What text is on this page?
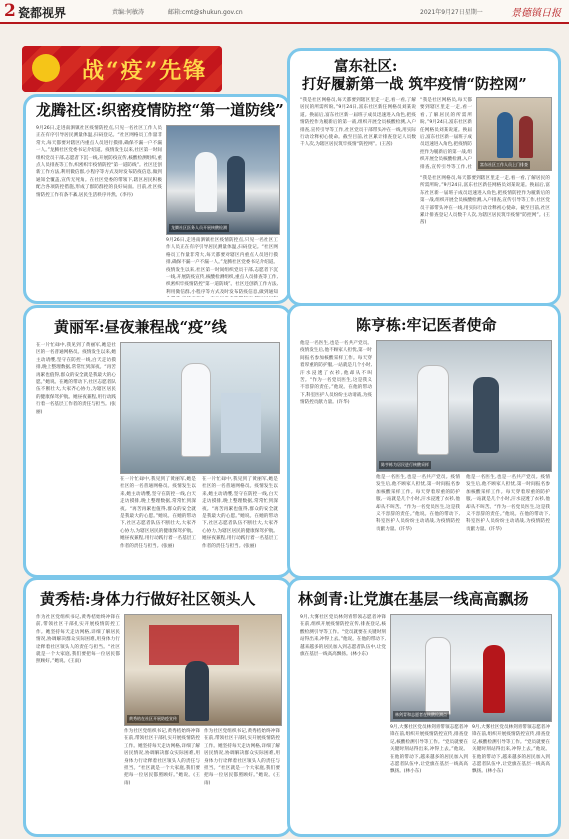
2 瓷都视界	责编:何敏涛	邮箱:cmt@shukun.gov.cn	2021年9月27日星期一	景德镇日报
战“疫”先锋
龙腾社区:织密疫情防控“第一道防线”
9月26日,走进南泗镇社区疫情防控点,只见一名社区工作人员正在有序引导居民测量体温,扫码登记。“社区网格员工作量非常大,每天都要对辖区内重点人员进行摸排,确保不漏一户不漏一人。”龙腾社区党委书记介绍道。疫情发生以来,社区第一时间组织党员干部,志愿者下沉一线,开展防疫宣传,核酸检测组织,重点人员排查等工作,织密织牢疫情防控“第一道防线”。社区还创新工作方法,利用微信群,小程序等方式及时发布防疫信息,做到通知全覆盖,宣传无死角。在社区党委的带领下,辖区居民积极配合各项防控措施,形成了群防群控的良好局面。目前,社区疫情防控工作有条不紊,居民生活秩序井然。(李丹)
龙腾社区医务人员开展核酸检测
9月26日,走进南泗镇社区疫情防控点,只见一名社区工作人员正在有序引导居民测量体温,扫码登记。“社区网格员工作量非常大,每天都要对辖区内重点人员进行摸排,确保不漏一户不漏一人。”龙腾社区党委书记介绍道。疫情发生以来,社区第一时间组织党员干部,志愿者下沉一线,开展防疫宣传,核酸检测组织,重点人员排查等工作,织密织牢疫情防控“第一道防线”。社区还创新工作方法,利用微信群,小程序等方式及时发布防疫信息,做到通知
富东社区:
打好履新第一战 筑牢疫情“防控网”
“我是社区网格员,每天都要到辖区里走一走,看一看,了解居民的所需所盼。”9月24日,富东社区新任网格员刘某说道。换届后,富东社区新一届班子成员迅速进入角色,把疫情防控作为履新后的第一战,组织开展全员核酸检测,入户排查,宣传引导等工作,社区党员干部带头冲在一线,用实际行动诠释初心使命。截至目前,社区累计排查登记人员数千人次,为辖区居民筑牢疫情“防控网”。(王茜)
“我是社区网格员,每天都要到辖区里走一走,看一看,了解居民的所需所盼。”9月24日,富东社区新任网格员刘某说道。换届后,富东社区新一届班子成员迅速进入角色,把疫情防控作为履新后的第一战,组织开展全员核酸检测,入户排查,宣传引导等工作,社
富东社区工作人员上门排查
“我是社区网格员,每天都要到辖区里走一走,看一看,了解居民的所需所盼。”9月24日,富东社区新任网格员刘某说道。换届后,富东社区新一届班子成员迅速进入角色,把疫情防控作为履新后的第一战,组织开展全员核酸检测,入户排查,宣传引导等工作,社区党员干部带头冲在一线,用实际行动诠释初心使命。截至目前,社区累计排查登记人员数千人次,为辖区居民筑牢疫情“防控网”。(王茜)
黄丽军:昼夜兼程战“疫”线
在一片忙碌中,我见到了黄丽军,她是社区的一名普通网格员。疫情发生以来,她主动请缨,坚守在防控一线,白天走访摸排,晚上整理数据,常常忙到深夜。“再苦再累也值得,群众的安全就是我最大的心愿。”她说。在她的带动下,社区志愿者队伍不断壮大,大家齐心协力,为辖区居民的健康保驾护航。她昼夜兼程,用行动践行着一名基层工作者的责任与担当。(张丽)
在一片忙碌中,我见到了黄丽军,她是社区的一名普通网格员。疫情发生以来,她主动请缨,坚守在防控一线,白天走访摸排,晚上整理数据,常常忙到深夜。“再苦再累也值得,群众的安全就是我最大的心愿。”她说。在她的带动下,社区志愿者队伍不断壮大,大家齐心协力,为辖区居民的健康保驾护航。她昼夜兼程,用行动践行着一名基层工作者的责任与担当。(张丽)
在一片忙碌中,我见到了黄丽军,她是社区的一名普通网格员。疫情发生以来,她主动请缨,坚守在防控一线,白天走访摸排,晚上整理数据,常常忙到深夜。“再苦再累也值得,群众的安全就是我最大的心愿。”她说。在她的带动下,社区志愿者队伍不断壮大,大家齐心协力,为辖区居民的健康保驾护航。她昼夜兼程,用行动践行着一名基层工作者的责任与担当。(张丽)
陈亨栋:牢记医者使命
他是一名医生,也是一名共产党员。疫情发生后,他不顾家人担忧,第一时间报名参加核酸采样工作。每天穿着厚重的防护服,一站就是几个小时,汗水浸透了衣衫,他却从不叫苦。“作为一名党员医生,这是我义不容辞的责任。”他说。在他的带动下,科室医护人员纷纷主动请战,为疫情防控贡献力量。(许华)
陈亨栋为居民进行核酸采样
他是一名医生,也是一名共产党员。疫情发生后,他不顾家人担忧,第一时间报名参加核酸采样工作。每天穿着厚重的防护服,一站就是几个小时,汗水浸透了衣衫,他却从不叫苦。“作为一名党员医生,这是我义不容辞的责任。”他说。在他的带动下,科室医护人员纷纷主动请战,为疫情防控贡献力量。(许华)
他是一名医生,也是一名共产党员。疫情发生后,他不顾家人担忧,第一时间报名参加核酸采样工作。每天穿着厚重的防护服,一站就是几个小时,汗水浸透了衣衫,他却从不叫苦。“作为一名党员医生,这是我义不容辞的责任。”他说。在他的带动下,科室医护人员纷纷主动请战,为疫情防控贡献力量。(许华)
黄秀桔:身体力行做好社区领头人
作为社区党组织书记,黄秀桔始终冲锋在前,带领社区干部扎实开展疫情防控工作。她坚持每天走访网格,详细了解居民情况,协调解决群众实际困难,用身体力行诠释着社区领头人的责任与担当。“社区就是一个大家庭,我们要把每一位居民都照顾好。”她说。(王雨)
黄秀桔在社区开展防疫宣传
作为社区党组织书记,黄秀桔始终冲锋在前,带领社区干部扎实开展疫情防控工作。她坚持每天走访网格,详细了解居民情况,协调解决群众实际困难,用身体力行诠释着社区领头人的责任与担当。“社区就是一个大家庭,我们要把每一位居民都照顾好。”她说。(王雨)
作为社区党组织书记,黄秀桔始终冲锋在前,带领社区干部扎实开展疫情防控工作。她坚持每天走访网格,详细了解居民情况,协调解决群众实际困难,用身体力行诠释着社区领头人的责任与担当。“社区就是一个大家庭,我们要把每一位居民都照顾好。”她说。(王雨)
林剑青:让党旗在基层一线高高飘扬
9月,大雾社区党员林剑青带领志愿者冲锋在前,组织开展疫情防控宣传,排查登记,核酸检测引导等工作。“党员就要在关键时刻站得出来,冲得上去。”他说。在他的带动下,越来越多的居民加入到志愿者队伍中,让党旗在基层一线高高飘扬。(林小东)
林剑青和志愿者在核酸检测点
9月,大雾社区党员林剑青带领志愿者冲锋在前,组织开展疫情防控宣传,排查登记,核酸检测引导等工作。“党员就要在关键时刻站得出来,冲得上去。”他说。在他的带动下,越来越多的居民加入到志愿者队伍中,让党旗在基层一线高高飘扬。(林小东)
9月,大雾社区党员林剑青带领志愿者冲锋在前,组织开展疫情防控宣传,排查登记,核酸检测引导等工作。“党员就要在关键时刻站得出来,冲得上去。”他说。在他的带动下,越来越多的居民加入到志愿者队伍中,让党旗在基层一线高高飘扬。(林小东)
